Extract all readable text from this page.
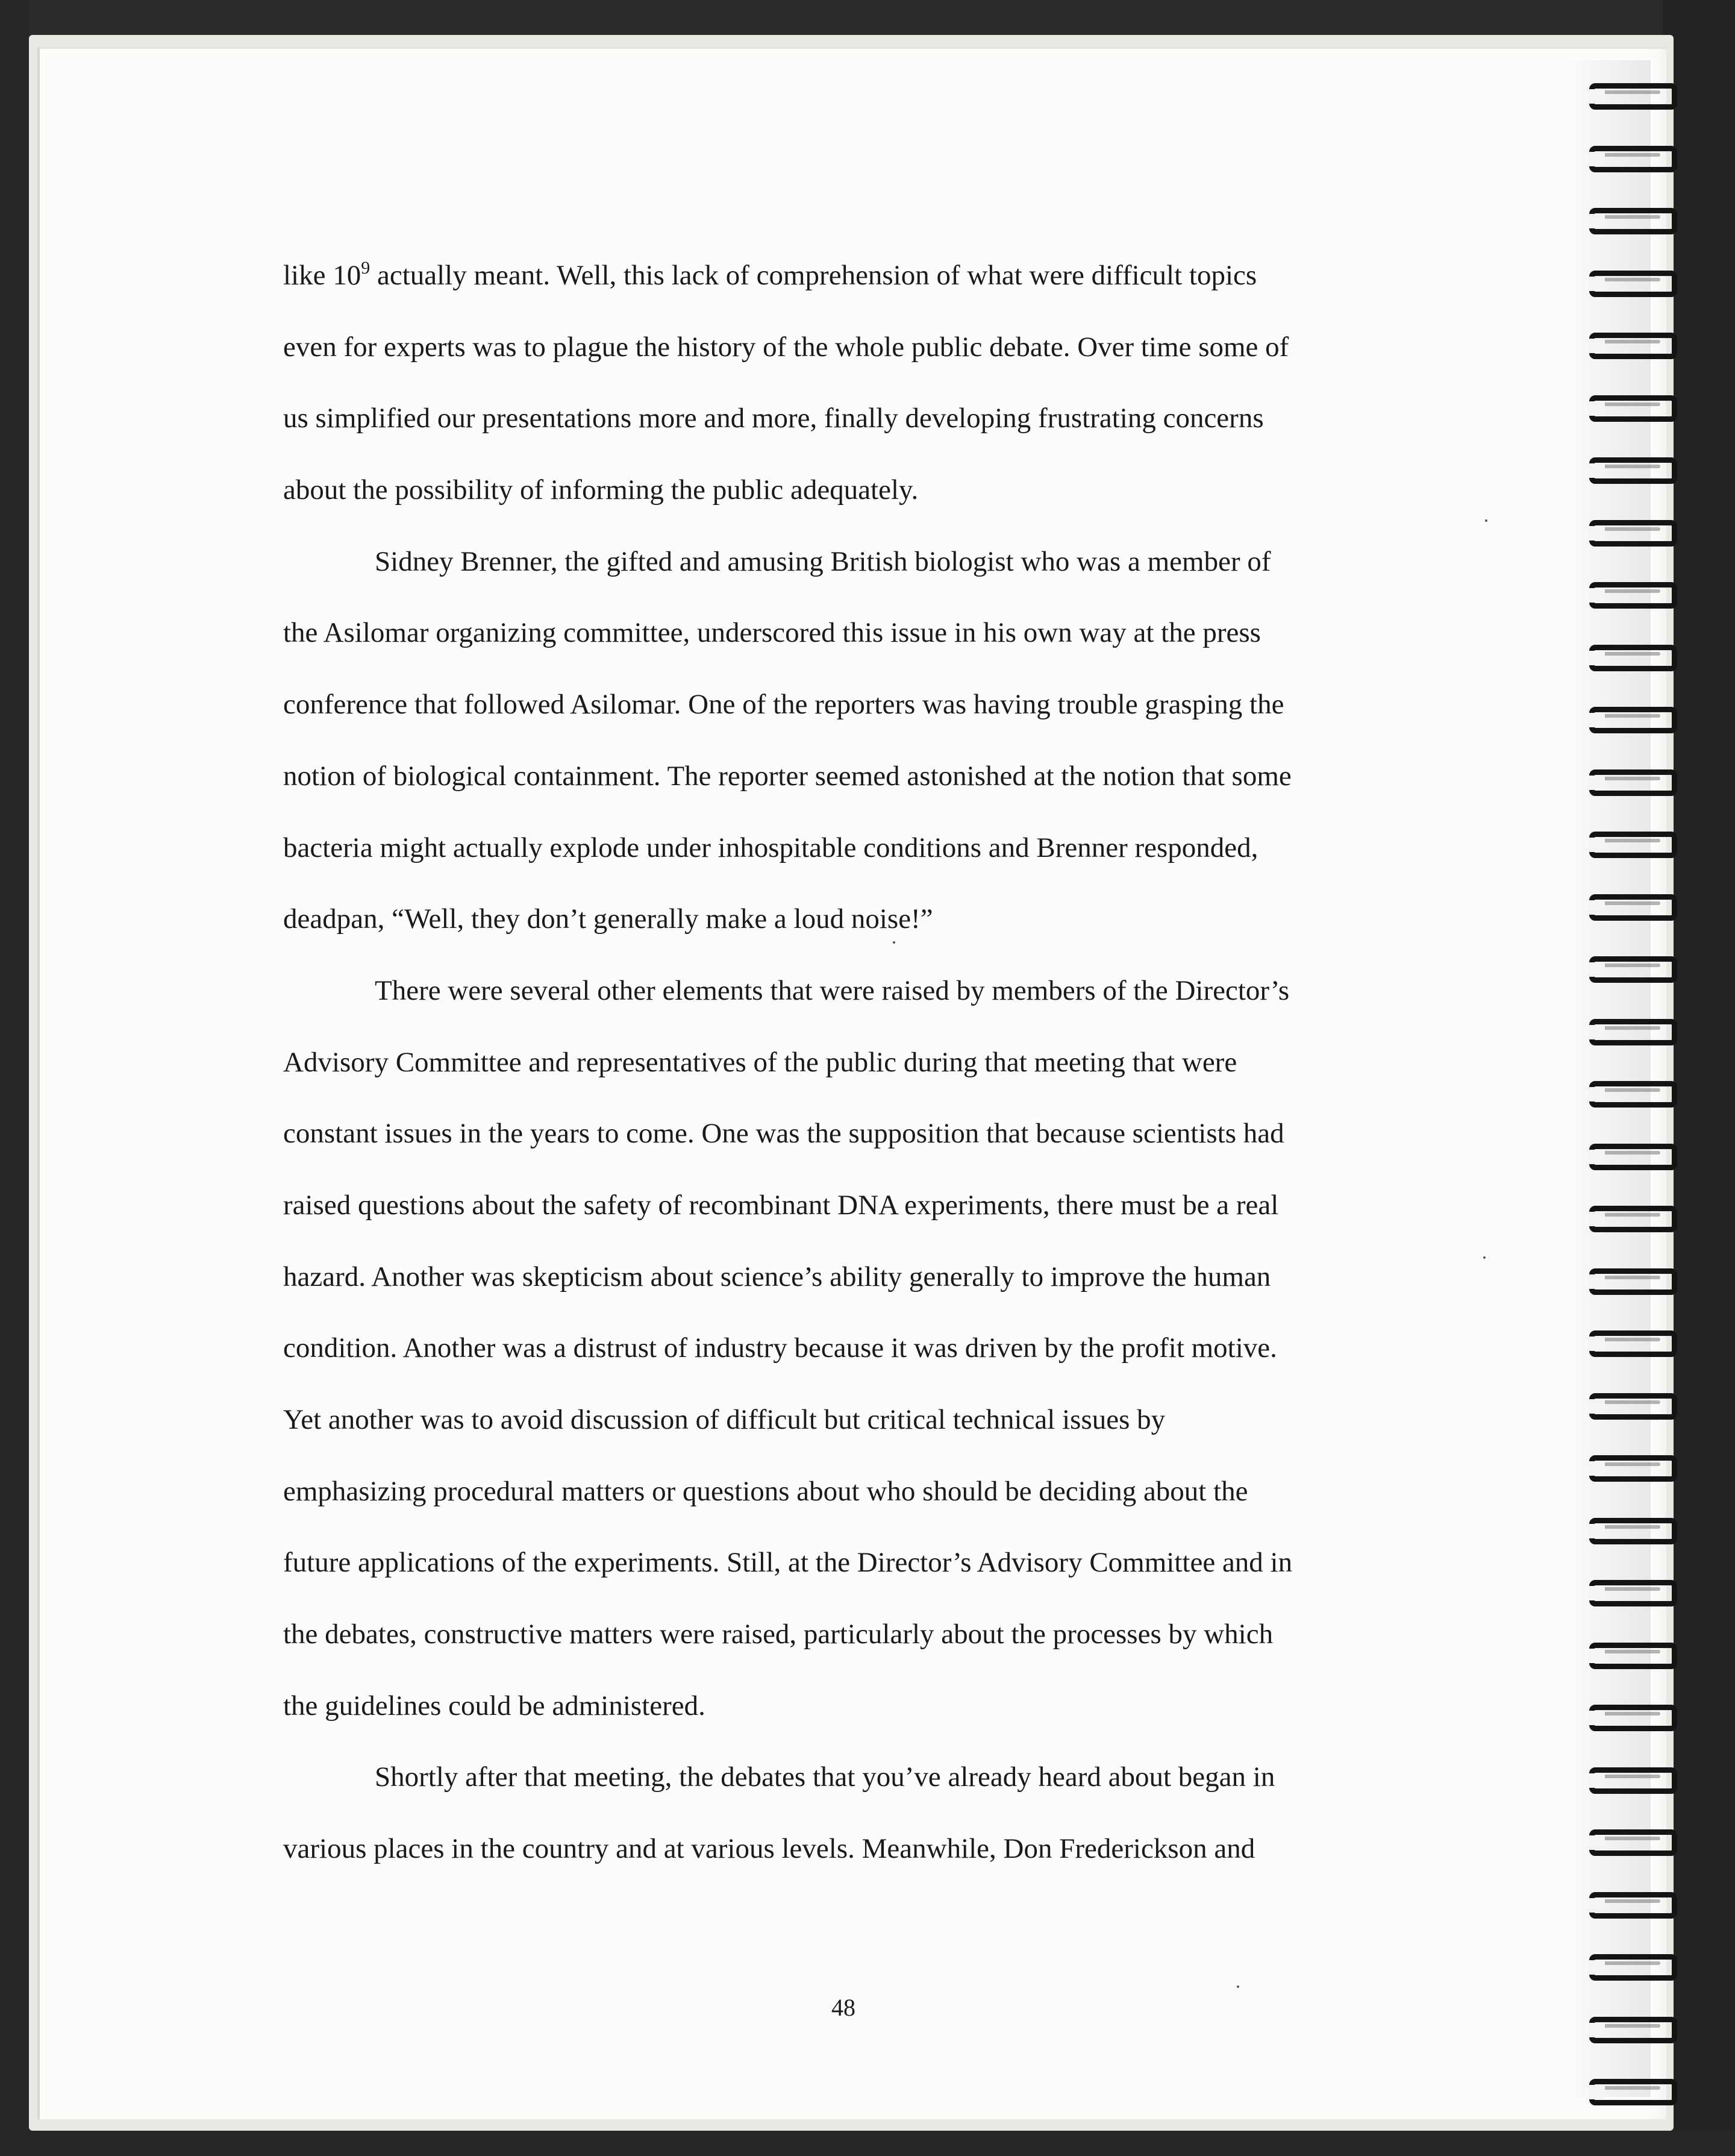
like $10^9$ actually meant. Well, this lack of comprehension of what were difficult topics
even for experts was to plague the history of the whole public debate. Over time some of
us simplified our presentations more and more, finally developing frustrating concerns
about the possibility of informing the public adequately.
Sidney Brenner, the gifted and amusing British biologist who was a member of
the Asilomar organizing committee, underscored this issue in his own way at the press
conference that followed Asilomar. One of the reporters was having trouble grasping the
notion of biological containment. The reporter seemed astonished at the notion that some
bacteria might actually explode under inhospitable conditions and Brenner responded,
deadpan, “Well, they don’t generally make a loud noise!”
There were several other elements that were raised by members of the Director’s
Advisory Committee and representatives of the public during that meeting that were
constant issues in the years to come. One was the supposition that because scientists had
raised questions about the safety of recombinant DNA experiments, there must be a real
hazard. Another was skepticism about science’s ability generally to improve the human
condition. Another was a distrust of industry because it was driven by the profit motive.
Yet another was to avoid discussion of difficult but critical technical issues by
emphasizing procedural matters or questions about who should be deciding about the
future applications of the experiments. Still, at the Director’s Advisory Committee and in
the debates, constructive matters were raised, particularly about the processes by which
the guidelines could be administered.
Shortly after that meeting, the debates that you’ve already heard about began in
various places in the country and at various levels. Meanwhile, Don Frederickson and
48
